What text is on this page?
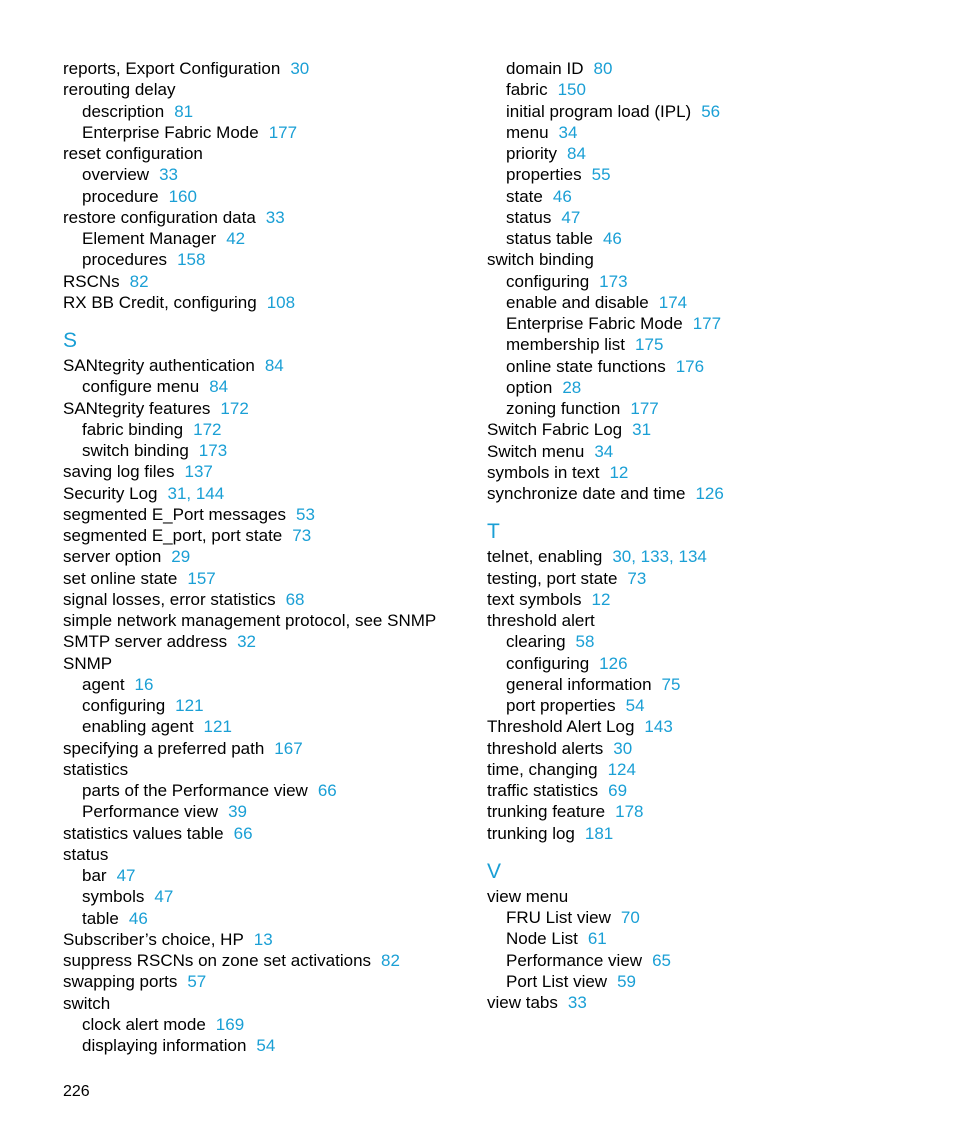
reports, Export Configuration 30
rerouting delay
description 81
Enterprise Fabric Mode 177
reset configuration
overview 33
procedure 160
restore configuration data 33
Element Manager 42
procedures 158
RSCNs 82
RX BB Credit, configuring 108
S
SANtegrity authentication 84
configure menu 84
SANtegrity features 172
fabric binding 172
switch binding 173
saving log files 137
Security Log 31, 144
segmented E_Port messages 53
segmented E_port, port state 73
server option 29
set online state 157
signal losses, error statistics 68
simple network management protocol, see SNMP
SMTP server address 32
SNMP
agent 16
configuring 121
enabling agent 121
specifying a preferred path 167
statistics
parts of the Performance view 66
Performance view 39
statistics values table 66
status
bar 47
symbols 47
table 46
Subscriber’s choice, HP 13
suppress RSCNs on zone set activations 82
swapping ports 57
switch
clock alert mode 169
displaying information 54
domain ID 80
fabric 150
initial program load (IPL) 56
menu 34
priority 84
properties 55
state 46
status 47
status table 46
switch binding
configuring 173
enable and disable 174
Enterprise Fabric Mode 177
membership list 175
online state functions 176
option 28
zoning function 177
Switch Fabric Log 31
Switch menu 34
symbols in text 12
synchronize date and time 126
T
telnet, enabling 30, 133, 134
testing, port state 73
text symbols 12
threshold alert
clearing 58
configuring 126
general information 75
port properties 54
Threshold Alert Log 143
threshold alerts 30
time, changing 124
traffic statistics 69
trunking feature 178
trunking log 181
V
view menu
FRU List view 70
Node List 61
Performance view 65
Port List view 59
view tabs 33
226
